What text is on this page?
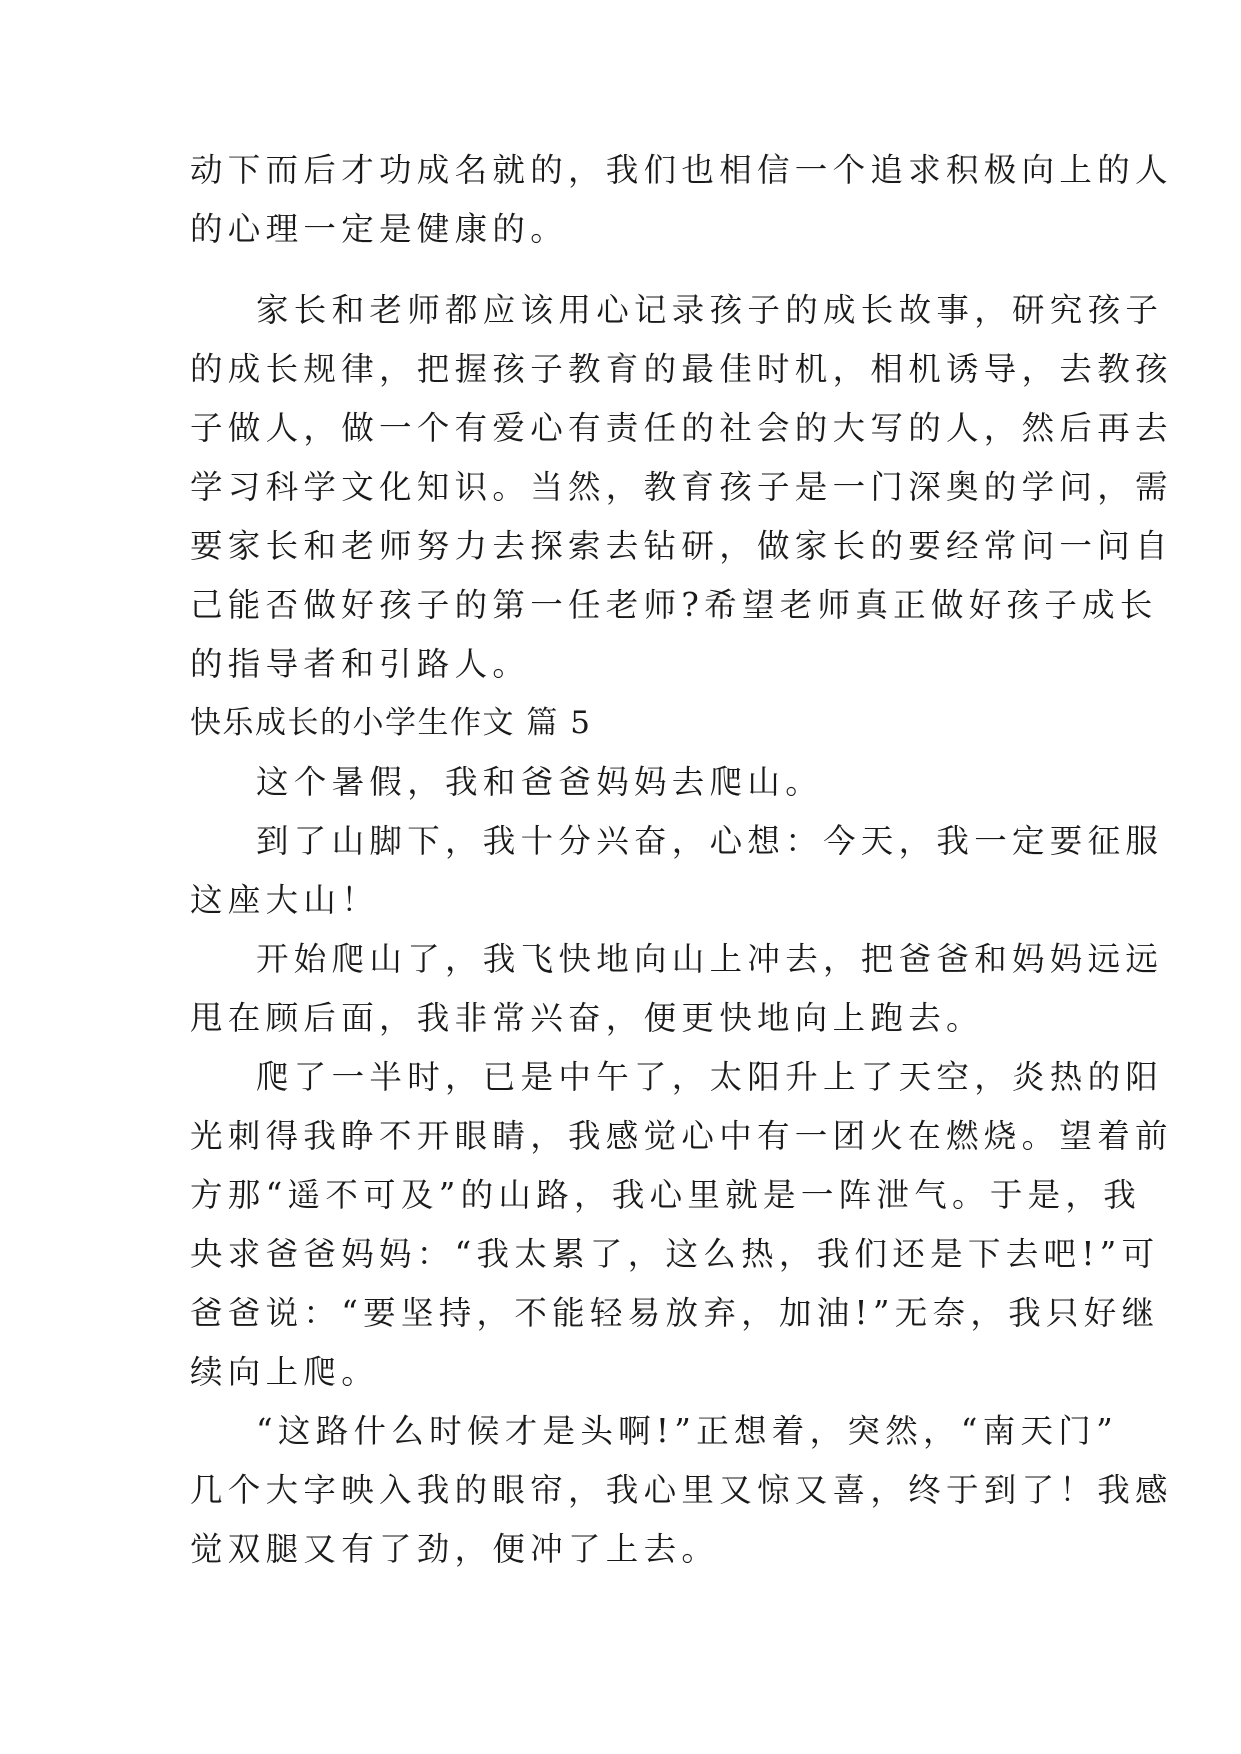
动下而后才功成名就的，我们也相信一个追求积极向上的人

的心理一定是健康的。

家长和老师都应该用心记录孩子的成长故事，研究孩子

的成长规律，把握孩子教育的最佳时机，相机诱导，去教孩

子做人，做一个有爱心有责任的社会的大写的人，然后再去

学习科学文化知识。当然，教育孩子是一门深奥的学问，需

要家长和老师努力去探索去钻研，做家长的要经常问一问自

己能否做好孩子的第一任老师?希望老师真正做好孩子成长

的指导者和引路人。

快乐成长的小学生作文 篇 5

这个暑假，我和爸爸妈妈去爬山。

到了山脚下，我十分兴奋，心想：今天，我一定要征服

这座大山！

开始爬山了，我飞快地向山上冲去，把爸爸和妈妈远远

甩在顾后面，我非常兴奋，便更快地向上跑去。

爬了一半时，已是中午了，太阳升上了天空，炎热的阳

光刺得我睁不开眼睛，我感觉心中有一团火在燃烧。望着前

方那“遥不可及”的山路，我心里就是一阵泄气。于是，我

央求爸爸妈妈：“我太累了，这么热，我们还是下去吧!”可

爸爸说：“要坚持，不能轻易放弃，加油!”无奈，我只好继

续向上爬。

“这路什么时候才是头啊!”正想着，突然，“南天门”

几个大字映入我的眼帘，我心里又惊又喜，终于到了！我感

觉双腿又有了劲，便冲了上去。
